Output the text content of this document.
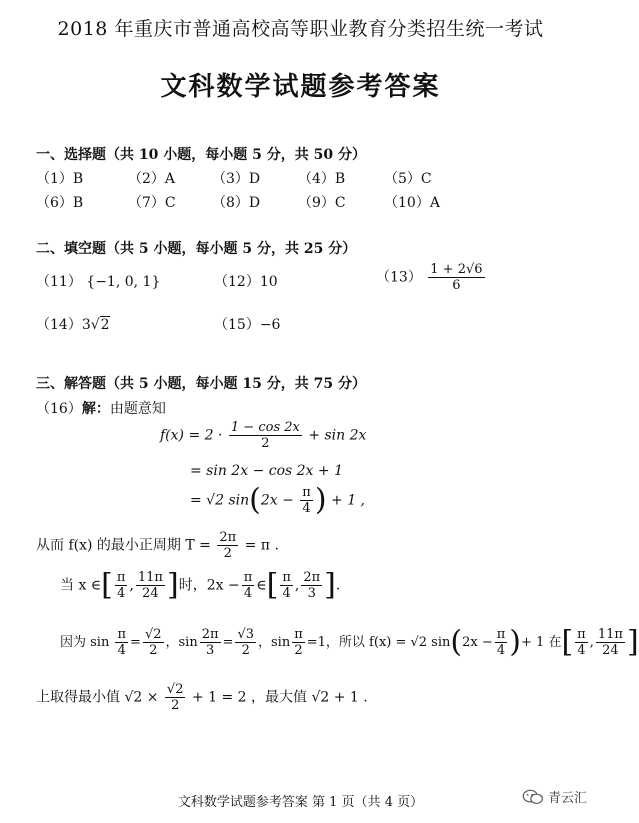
2018 年重庆市普通高校高等职业教育分类招生统一考试
文科数学试题参考答案
一、选择题（共 10 小题，每小题 5 分，共 50 分）
（1）B	（2）A	（3）D	（4）B	（5）C
（6）B	（7）C	（8）D	（9）C	（10）A
二、填空题（共 5 小题，每小题 5 分，共 25 分）
（11） {−1, 0, 1}	（12）10	$(13) \frac{1 + 2√6}{6}$
（14）3√2	（15）−6
三、解答题（共 5 小题，每小题 15 分，共 75 分）
（16）解：由题意知
$f(x) = 2 \cdot \frac{1 - \cos 2x}{2} + \sin 2x$
= sin 2x − cos 2x + 1
= √2 $\sin(2x - \frac{\pi}{4}$ ) + 1 ,
从而 f(x) 的最小正周期 $T = \frac{2\pi}{2} = \pi$ .
当 x ∈[ $\frac{\pi}{4}$ , $\frac{11\pi}{24}$ ]时，$2x - \frac{\pi}{4}$ ∈[ $\frac{\pi}{4}$ , $\frac{2\pi}{3}$ ].
因为 $\sin \frac{\pi}{4} = \frac{√2}{2}$ ，$\sin \frac{2\pi}{3} = \frac{√3}{2}$ ，$\sin \frac{\pi}{2} =1$，所以 f(x) = √2 $\sin(2x - \frac{\pi}{4}$ )+ 1 在[ $\frac{\pi}{4}$ , $\frac{11\pi}{24}$ ]
上取得最小值 $√2 \times \frac{√2}{2} + 1 = 2$ ，最大值 √2 + 1 .
文科数学试题参考答案 第 1 页（共 4 页）	青云汇
